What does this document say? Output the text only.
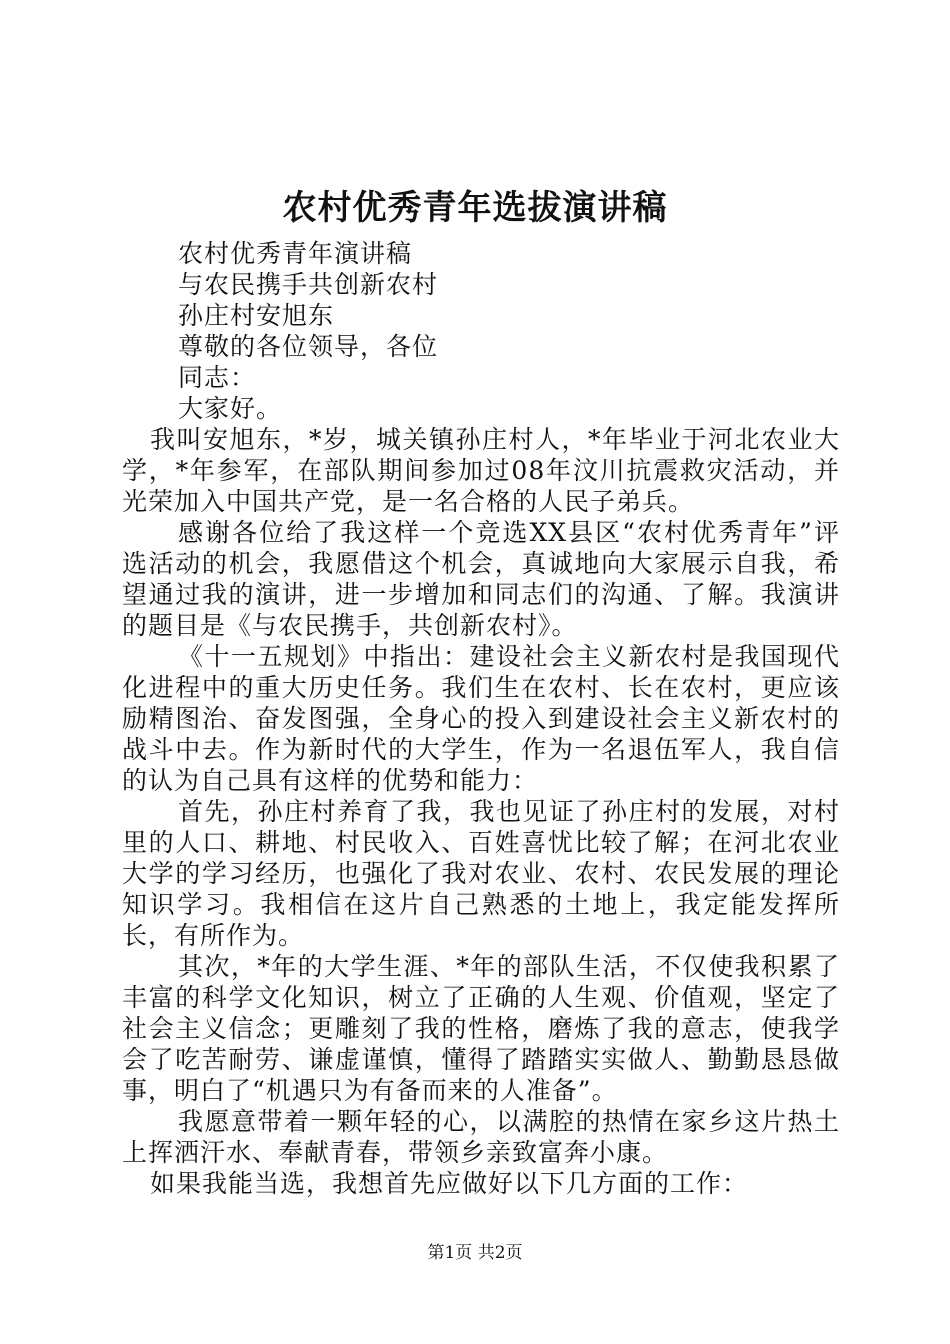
农村优秀青年选拔演讲稿
农村优秀青年演讲稿
与农民携手共创新农村
孙庄村安旭东
尊敬的各位领导，各位
同志：
大家好。

我叫安旭东，*岁，城关镇孙庄村人，*年毕业于河北农业大学，*年参军，在部队期间参加过08年汶川抗震救灾活动，并光荣加入中国共产党，是一名合格的人民子弟兵。

感谢各位给了我这样一个竞选XX县区“农村优秀青年”评选活动的机会，我愿借这个机会，真诚地向大家展示自我，希望通过我的演讲，进一步增加和同志们的沟通、了解。我演讲的题目是《与农民携手，共创新农村》。

《十一五规划》中指出：建设社会主义新农村是我国现代化进程中的重大历史任务。我们生在农村、长在农村，更应该励精图治、奋发图强，全身心的投入到建设社会主义新农村的战斗中去。作为新时代的大学生，作为一名退伍军人，我自信的认为自己具有这样的优势和能力：

首先，孙庄村养育了我，我也见证了孙庄村的发展，对村里的人口、耕地、村民收入、百姓喜忧比较了解；在河北农业大学的学习经历，也强化了我对农业、农村、农民发展的理论知识学习。我相信在这片自己熟悉的土地上，我定能发挥所长，有所作为。

其次，*年的大学生涯、*年的部队生活，不仅使我积累了丰富的科学文化知识，树立了正确的人生观、价值观，坚定了社会主义信念；更雕刻了我的性格，磨炼了我的意志，使我学会了吃苦耐劳、谦虚谨慎，懂得了踏踏实实做人、勤勤恳恳做事，明白了“机遇只为有备而来的人准备”。

我愿意带着一颗年轻的心，以满腔的热情在家乡这片热土上挥洒汗水、奉献青春，带领乡亲致富奔小康。

如果我能当选，我想首先应做好以下几方面的工作：

第1页 共2页
